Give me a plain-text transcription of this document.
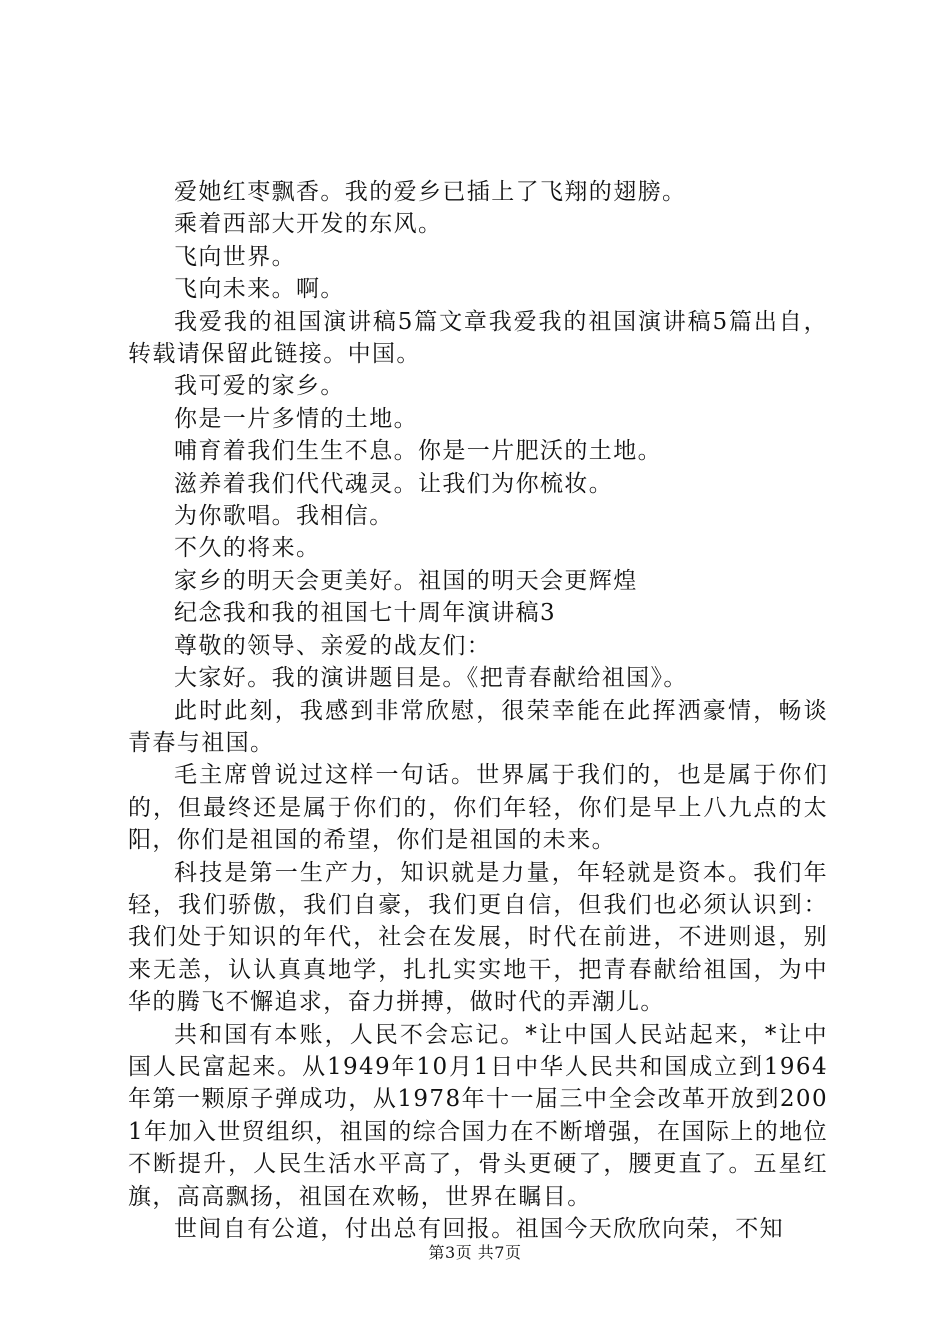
爱她红枣飘香。我的爱乡已插上了飞翔的翅膀。

乘着西部大开发的东风。

飞向世界。

飞向未来。啊。

我爱我的祖国演讲稿5篇文章我爱我的祖国演讲稿5篇出自，转载请保留此链接。中国。

我可爱的家乡。

你是一片多情的土地。

哺育着我们生生不息。你是一片肥沃的土地。

滋养着我们代代魂灵。让我们为你梳妆。

为你歌唱。我相信。

不久的将来。

家乡的明天会更美好。祖国的明天会更辉煌

纪念我和我的祖国七十周年演讲稿3

尊敬的领导、亲爱的战友们：

大家好。我的演讲题目是。《把青春献给祖国》。

此时此刻，我感到非常欣慰，很荣幸能在此挥洒豪情，畅谈青春与祖国。

毛主席曾说过这样一句话。世界属于我们的，也是属于你们的，但最终还是属于你们的，你们年轻，你们是早上八九点的太阳，你们是祖国的希望，你们是祖国的未来。

科技是第一生产力，知识就是力量，年轻就是资本。我们年轻，我们骄傲，我们自豪，我们更自信，但我们也必须认识到：我们处于知识的年代，社会在发展，时代在前进，不进则退，别来无恙，认认真真地学，扎扎实实地干，把青春献给祖国，为中华的腾飞不懈追求，奋力拼搏，做时代的弄潮儿。

共和国有本账，人民不会忘记。*让中国人民站起来，*让中国人民富起来。从1949年10月1日中华人民共和国成立到1964年第一颗原子弹成功，从1978年十一届三中全会改革开放到2001年加入世贸组织，祖国的综合国力在不断增强，在国际上的地位不断提升，人民生活水平高了，骨头更硬了，腰更直了。五星红旗，高高飘扬，祖国在欢畅，世界在瞩目。

世间自有公道，付出总有回报。祖国今天欣欣向荣，不知

第3页 共7页
